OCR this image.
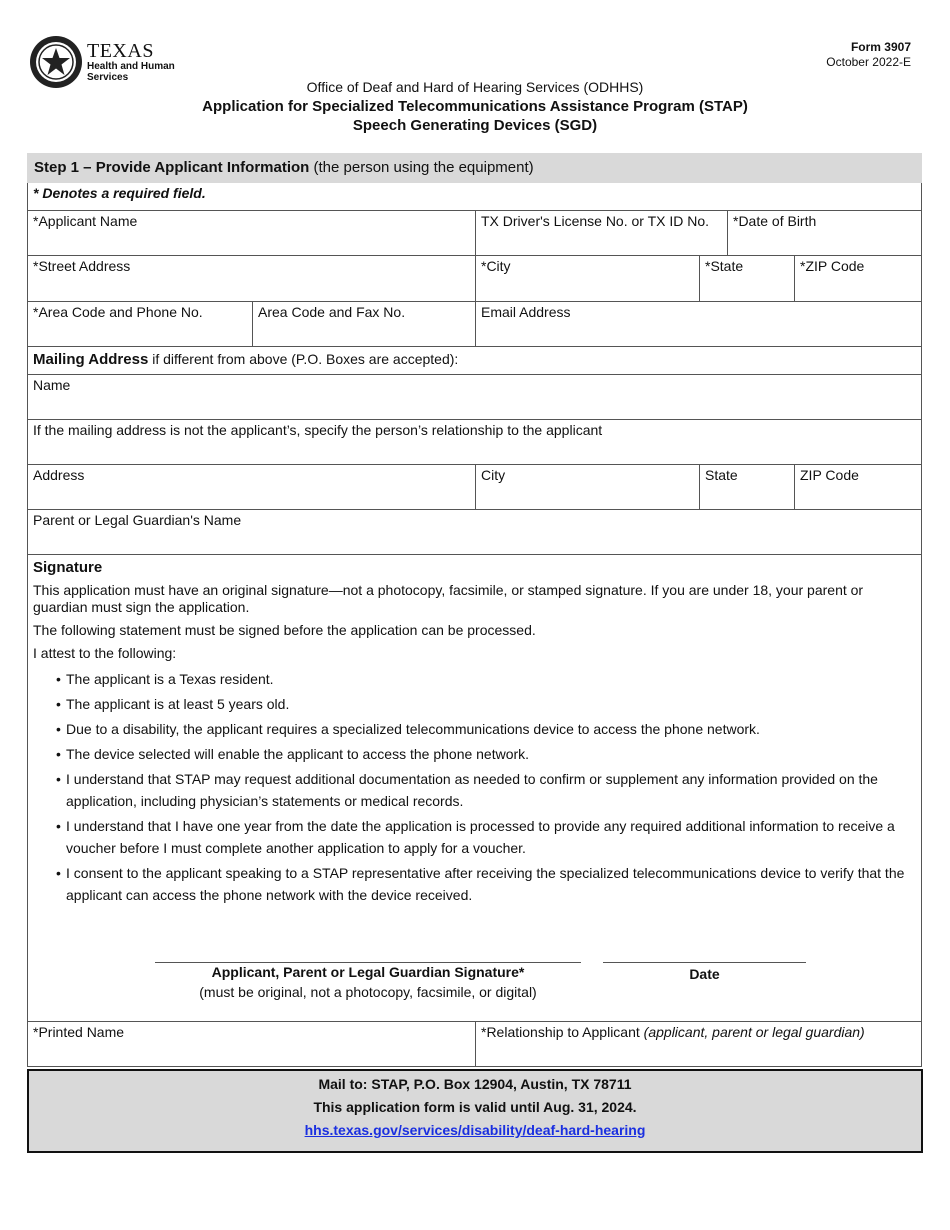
TEXAS
Health and Human
Services
Form 3907
October 2022-E
Office of Deaf and Hard of Hearing Services (ODHHS)
Application for Specialized Telecommunications Assistance Program (STAP)
Speech Generating Devices (SGD)
Step 1 – Provide Applicant Information (the person using the equipment)
* Denotes a required field.
*Applicant Name	TX Driver's License No. or TX ID No.	*Date of Birth
*Street Address	*City	*State	*ZIP Code
*Area Code and Phone No.	Area Code and Fax No.	Email Address
Mailing Address if different from above (P.O. Boxes are accepted):
Name
If the mailing address is not the applicant’s, specify the person’s relationship to the applicant
Address	City	State	ZIP Code
Parent or Legal Guardian's Name
Signature

This application must have an original signature—not a photocopy, facsimile, or stamped signature. If you are under 18, your parent or guardian must sign the application.

The following statement must be signed before the application can be processed.

I attest to the following:

• The applicant is a Texas resident.
• The applicant is at least 5 years old.
• Due to a disability, the applicant requires a specialized telecommunications device to access the phone network.
• The device selected will enable the applicant to access the phone network.
• I understand that STAP may request additional documentation as needed to confirm or supplement any information provided on the application, including physician’s statements or medical records.
• I understand that I have one year from the date the application is processed to provide any required additional information to receive a voucher before I must complete another application to apply for a voucher.
• I consent to the applicant speaking to a STAP representative after receiving the specialized telecommunications device to verify that the applicant can access the phone network with the device received.
Applicant, Parent or Legal Guardian Signature*
(must be original, not a photocopy, facsimile, or digital)
Date
*Printed Name	*Relationship to Applicant (applicant, parent or legal guardian)
Mail to: STAP, P.O. Box 12904, Austin, TX 78711
This application form is valid until Aug. 31, 2024.
hhs.texas.gov/services/disability/deaf-hard-hearing
